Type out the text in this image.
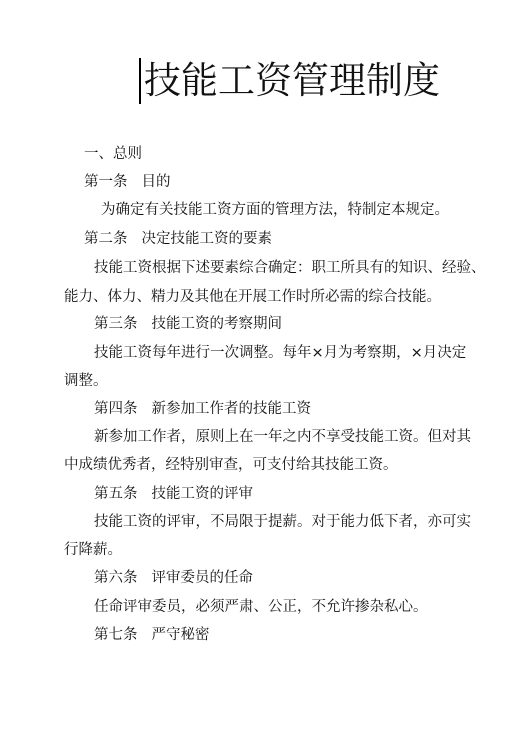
技能工资管理制度
一、总则
第一条 目的
为确定有关技能工资方面的管理方法，特制定本规定。
第二条 决定技能工资的要素
技能工资根据下述要素综合确定：职工所具有的知识、经验、
能力、体力、精力及其他在开展工作时所必需的综合技能。
第三条 技能工资的考察期间
技能工资每年进行一次调整。每年×月为考察期，×月决定
调整。
第四条 新参加工作者的技能工资
新参加工作者，原则上在一年之内不享受技能工资。但对其
中成绩优秀者，经特别审查，可支付给其技能工资。
第五条 技能工资的评审
技能工资的评审，不局限于提薪。对于能力低下者，亦可实
行降薪。
第六条 评审委员的任命
任命评审委员，必须严肃、公正，不允许掺杂私心。
第七条 严守秘密
